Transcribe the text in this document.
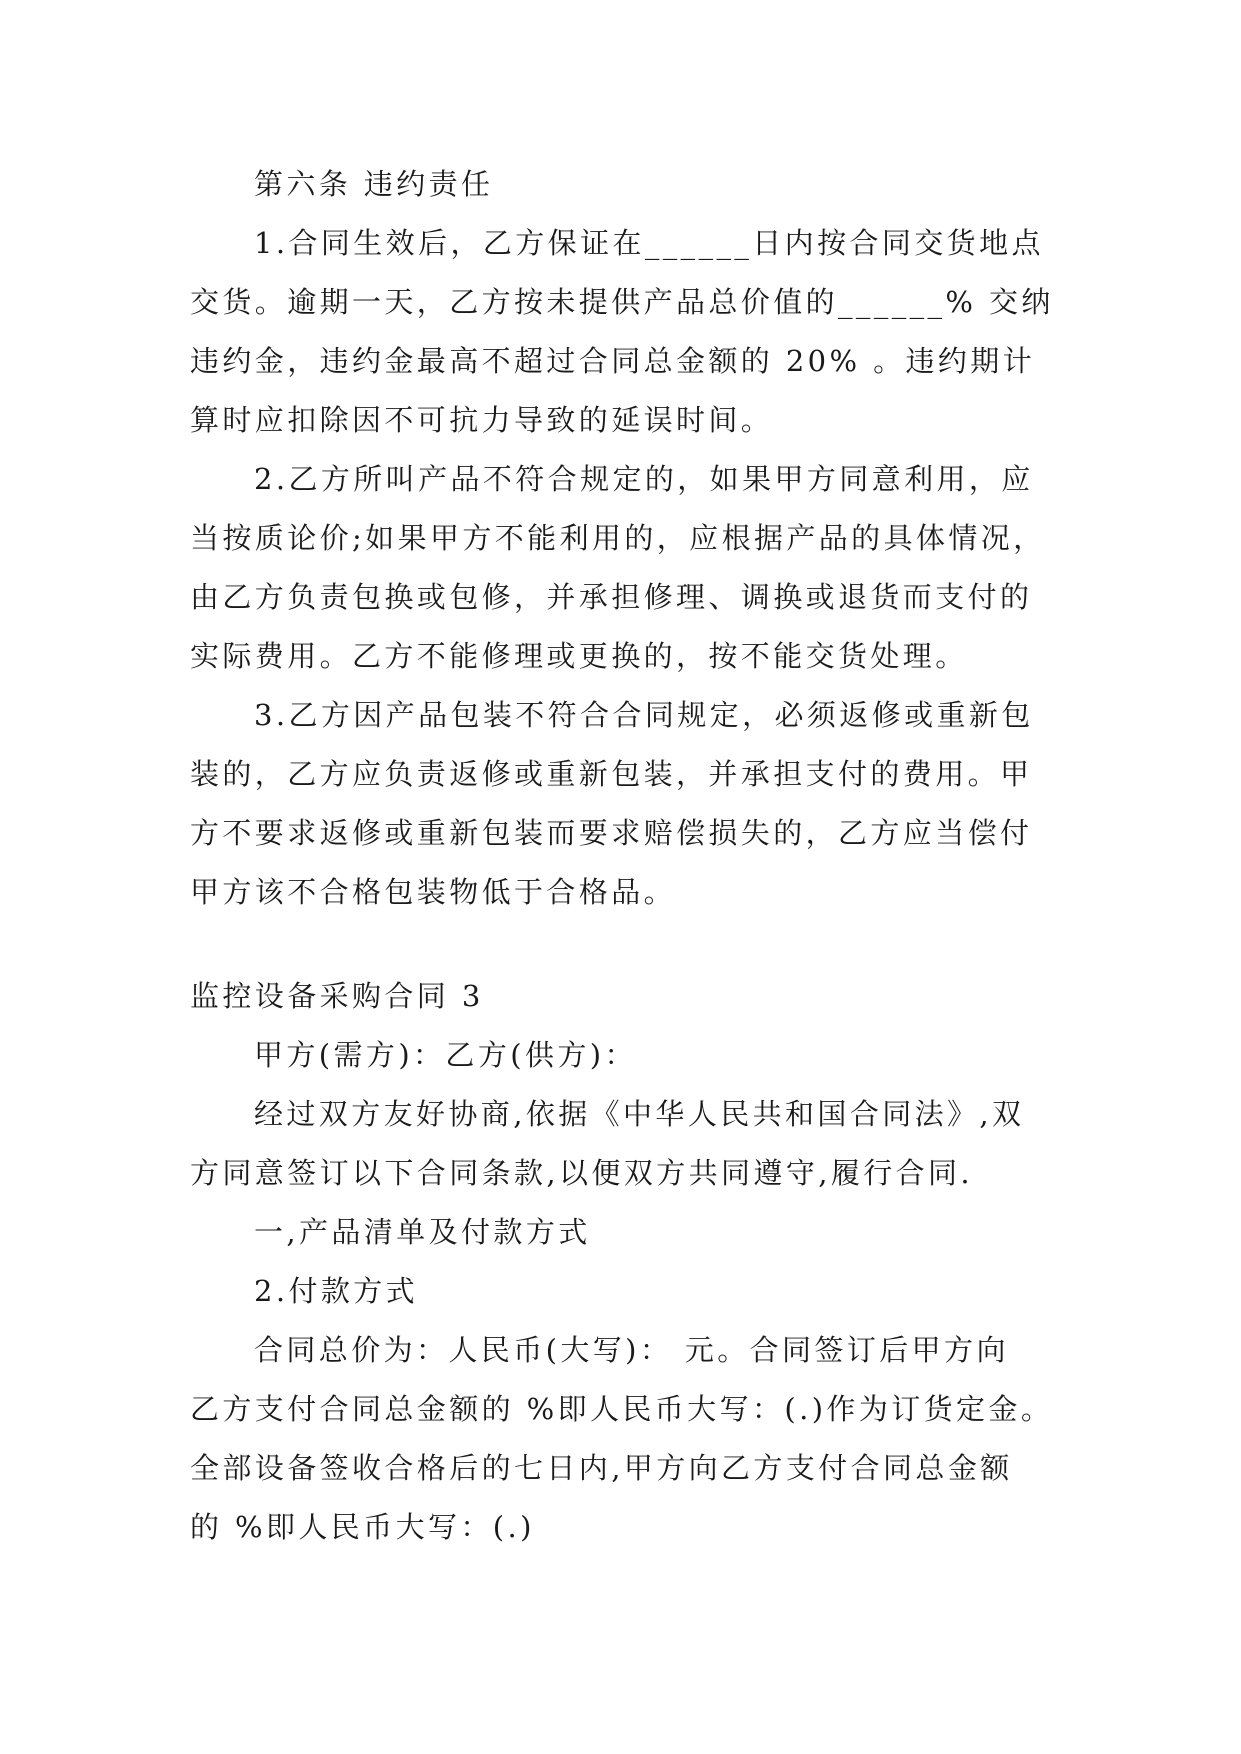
第六条 违约责任
1.合同生效后，乙方保证在______日内按合同交货地点
交货。逾期一天，乙方按未提供产品总价值的______% 交纳
违约金，违约金最高不超过合同总金额的 20% 。违约期计
算时应扣除因不可抗力导致的延误时间。
2.乙方所叫产品不符合规定的，如果甲方同意利用，应
当按质论价;如果甲方不能利用的，应根据产品的具体情况，
由乙方负责包换或包修，并承担修理、调换或退货而支付的
实际费用。乙方不能修理或更换的，按不能交货处理。
3.乙方因产品包装不符合合同规定，必须返修或重新包
装的，乙方应负责返修或重新包装，并承担支付的费用。甲
方不要求返修或重新包装而要求赔偿损失的，乙方应当偿付
甲方该不合格包装物低于合格品。
监控设备采购合同 3
甲方(需方)：乙方(供方)：
经过双方友好协商,依据《中华人民共和国合同法》,双
方同意签订以下合同条款,以便双方共同遵守,履行合同.
一,产品清单及付款方式
2.付款方式
合同总价为：人民币(大写)： 元。合同签订后甲方向
乙方支付合同总金额的 %即人民币大写：(.)作为订货定金。
全部设备签收合格后的七日内,甲方向乙方支付合同总金额
的 %即人民币大写：(.)
